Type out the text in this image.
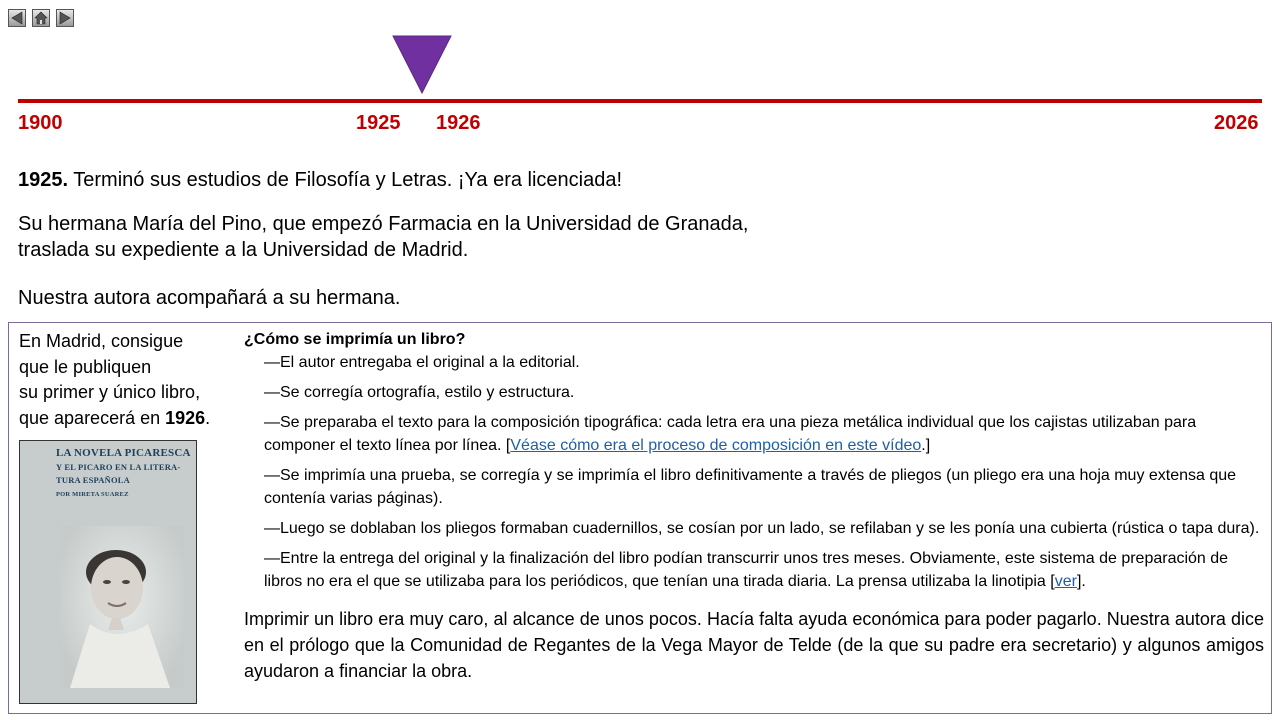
1900	1925 1926	2026
1925. Terminó sus estudios de Filosofía y Letras. ¡Ya era licenciada!
Su hermana María del Pino, que empezó Farmacia en la Universidad de Granada,
traslada su expediente a la Universidad de Madrid.
Nuestra autora acompañará a su hermana.
En Madrid, consigue
que le publiquen
su primer y único libro,
que aparecerá en 1926.
LA NOVELA PICARESCA
Y EL PICARO EN LA LITERA-
TURA ESPAÑOLA
POR MIRETA SUAREZ
¿Cómo se imprimía un libro?
—El autor entregaba el original a la editorial.
—Se corregía ortografía, estilo y estructura.
—Se preparaba el texto para la composición tipográfica: cada letra era una pieza metálica individual que los cajistas utilizaban para componer el texto línea por línea. [Véase cómo era el proceso de composición en este vídeo.]
—Se imprimía una prueba, se corregía y se imprimía el libro definitivamente a través de pliegos (un pliego era una hoja muy extensa que contenía varias páginas).
—Luego se doblaban los pliegos formaban cuadernillos, se cosían por un lado, se refilaban y se les ponía una cubierta (rústica o tapa dura).
—Entre la entrega del original y la finalización del libro podían transcurrir unos tres meses. Obviamente, este sistema de preparación de libros no era el que se utilizaba para los periódicos, que tenían una tirada diaria. La prensa utilizaba la linotipia [ver].
Imprimir un libro era muy caro, al alcance de unos pocos. Hacía falta ayuda económica para poder pagarlo. Nuestra autora dice en el prólogo que la Comunidad de Regantes de la Vega Mayor de Telde (de la que su padre era secretario) y algunos amigos ayudaron a financiar la obra.
